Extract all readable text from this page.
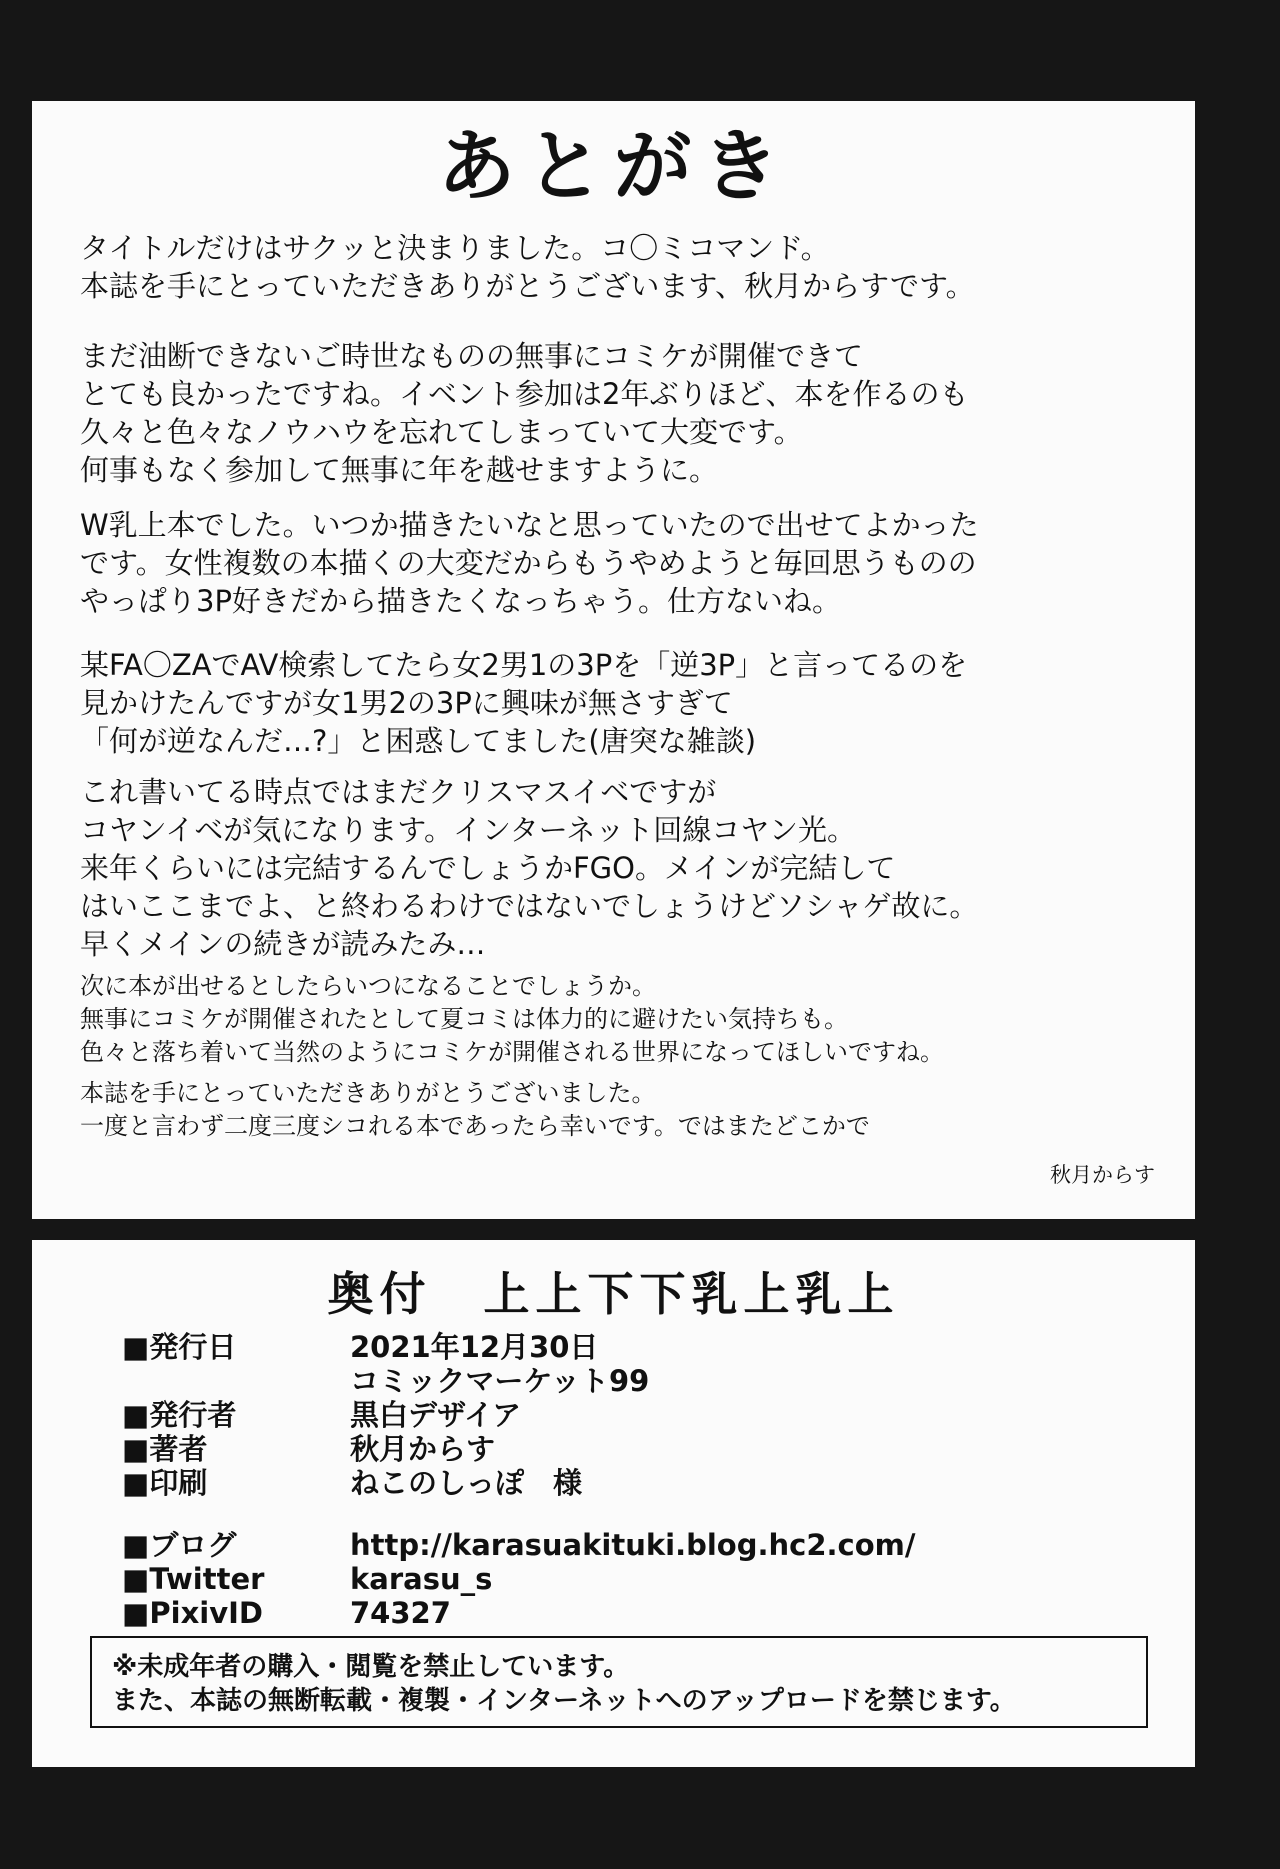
あとがき
タイトルだけはサクッと決まりました。コ〇ミコマンド。
本誌を手にとっていただきありがとうございます、秋月からすです。
まだ油断できないご時世なものの無事にコミケが開催できて
とても良かったですね。イベント参加は2年ぶりほど、本を作るのも
久々と色々なノウハウを忘れてしまっていて大変です。
何事もなく参加して無事に年を越せますように。
W乳上本でした。いつか描きたいなと思っていたので出せてよかった
です。女性複数の本描くの大変だからもうやめようと毎回思うものの
やっぱり3P好きだから描きたくなっちゃう。仕方ないね。
某FA〇ZAでAV検索してたら女2男1の3Pを「逆3P」と言ってるのを
見かけたんですが女1男2の3Pに興味が無さすぎて
「何が逆なんだ…?」と困惑してました(唐突な雑談)
これ書いてる時点ではまだクリスマスイベですが
コヤンイベが気になります。インターネット回線コヤン光。
来年くらいには完結するんでしょうかFGO。メインが完結して
はいここまでよ、と終わるわけではないでしょうけどソシャゲ故に。
早くメインの続きが読みたみ…
次に本が出せるとしたらいつになることでしょうか。
無事にコミケが開催されたとして夏コミは体力的に避けたい気持ちも。
色々と落ち着いて当然のようにコミケが開催される世界になってほしいですね。
本誌を手にとっていただきありがとうございました。
一度と言わず二度三度シコれる本であったら幸いです。ではまたどこかで
秋月からす
奥付　上上下下乳上乳上
■発行日	2021年12月30日
コミックマーケット99
■発行者	黒白デザイア
■著者	秋月からす
■印刷	ねこのしっぽ　様
■ブログ	http://karasuakituki.blog.hc2.com/
■Twitter	karasu_s
■PixivID	74327
※未成年者の購入・閲覧を禁止しています。
また、本誌の無断転載・複製・インターネットへのアップロードを禁じます。
